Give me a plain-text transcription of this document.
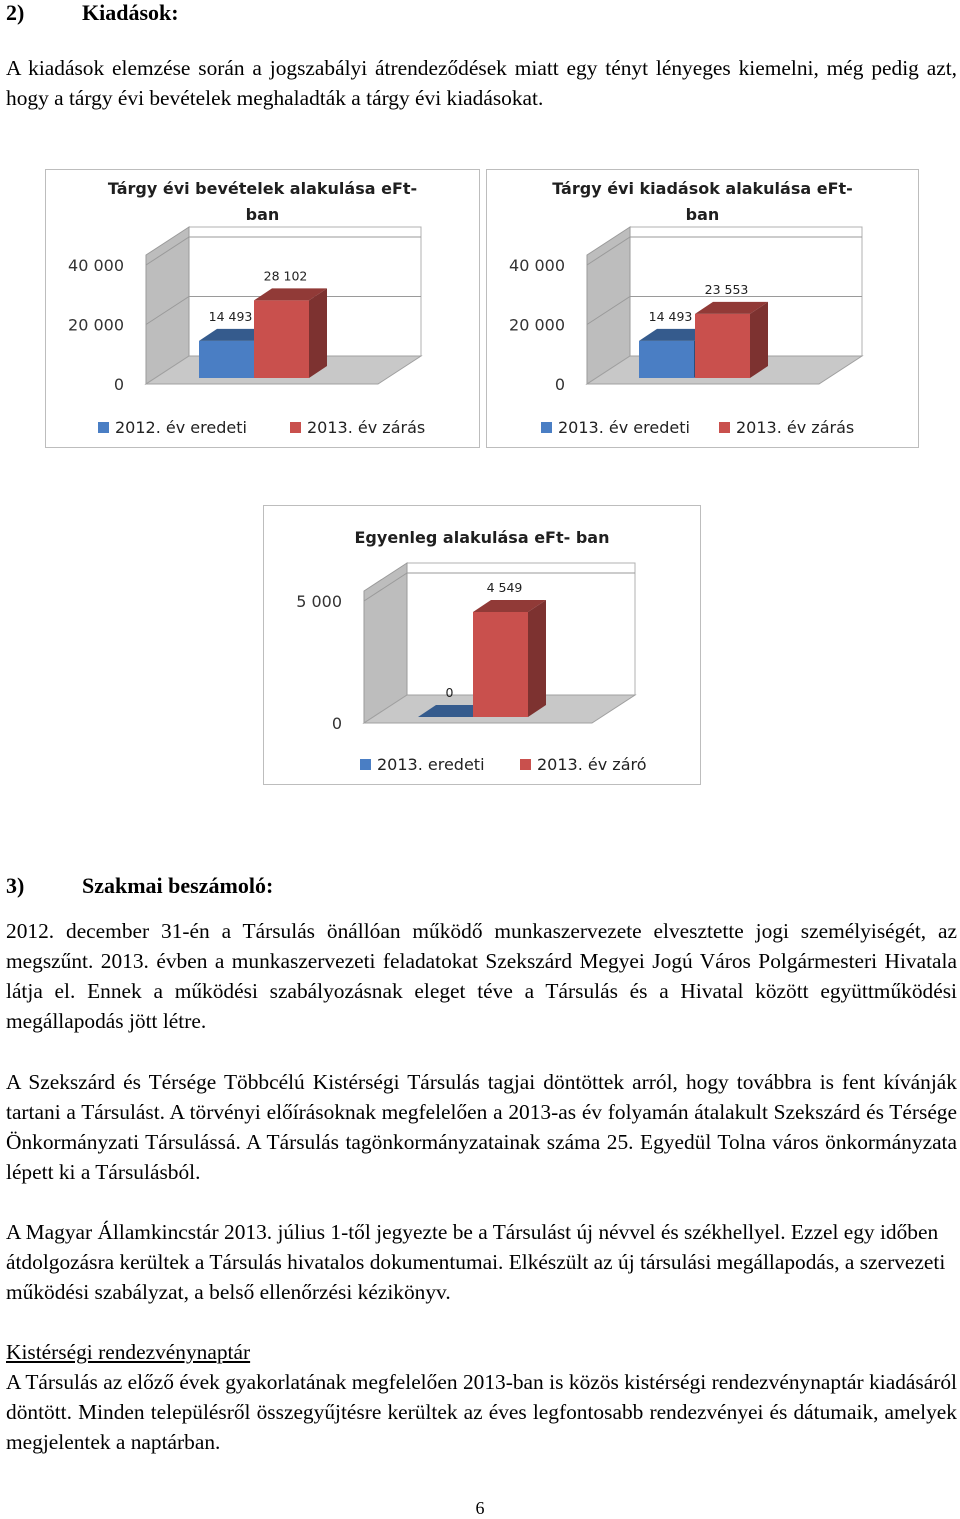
2)	Kiadások:
A kiadások elemzése során a jogszabályi átrendeződések miatt egy tényt lényeges kiemelni, még pedig azt, hogy a tárgy évi bevételek meghaladták a tárgy évi kiadásokat.
Tárgy évi bevételek alakulása eFt-
ban
0
20 000
40 000
14 493
28 102
2012. év eredeti	2013. év zárás
Tárgy évi kiadások alakulása eFt-
ban
0
20 000
40 000
14 493
23 553
2013. év eredeti	2013. év zárás
Egyenleg alakulása eFt- ban
0
5 000
0
4 549
2013. eredeti	2013. év záró
3)	Szakmai beszámoló:
2012. december 31-én a Társulás önállóan működő munkaszervezete elvesztette jogi személyiségét, az megszűnt. 2013. évben a munkaszervezeti feladatokat Szekszárd Megyei Jogú Város Polgármesteri Hivatala látja el. Ennek a működési szabályozásnak eleget téve a Társulás és a Hivatal között együttműködési megállapodás jött létre.
A Szekszárd és Térsége Többcélú Kistérségi Társulás tagjai döntöttek arról, hogy továbbra is fent kívánják tartani a Társulást. A törvényi előírásoknak megfelelően a 2013-as év folyamán átalakult Szekszárd és Térsége Önkormányzati Társulássá. A Társulás tagönkormányzatainak száma 25. Egyedül Tolna város önkormányzata lépett ki a Társulásból.
A Magyar Államkincstár 2013. július 1-től jegyezte be a Társulást új névvel és székhellyel. Ezzel egy időben átdolgozásra kerültek a Társulás hivatalos dokumentumai. Elkészült az új társulási megállapodás, a szervezeti működési szabályzat, a belső ellenőrzési kézikönyv.
Kistérségi rendezvénynaptár
A Társulás az előző évek gyakorlatának megfelelően 2013-ban is közös kistérségi rendezvénynaptár kiadásáról döntött. Minden településről összegyűjtésre kerültek az éves legfontosabb rendezvényei és dátumaik, amelyek megjelentek a naptárban.
6
